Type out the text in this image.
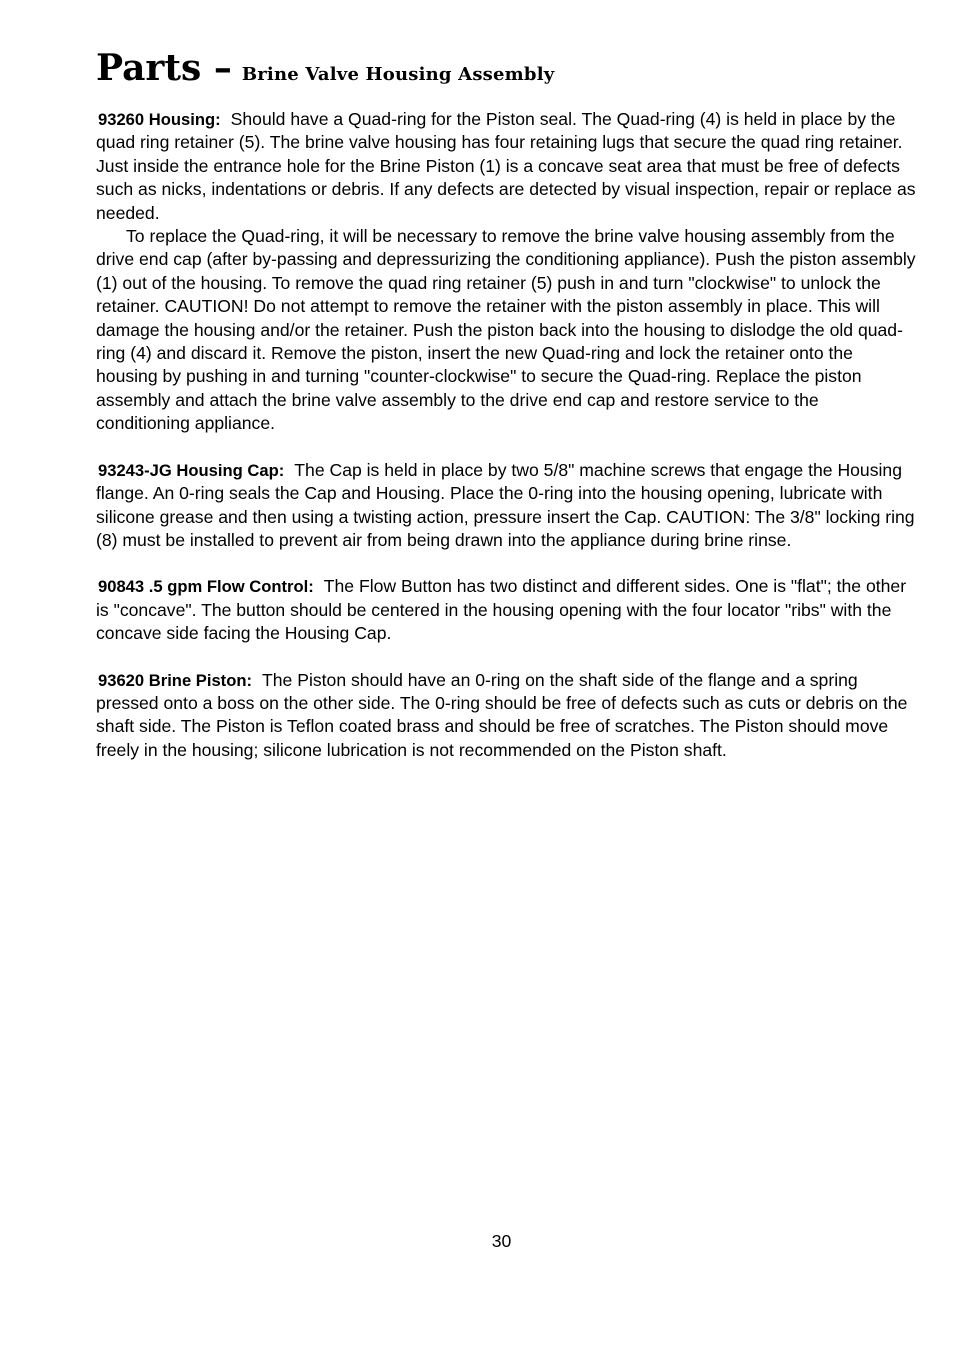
Parts – Brine Valve Housing Assembly

93260 Housing: Should have a Quad-ring for the Piston seal. The Quad-ring (4) is held in place by the quad ring retainer (5). The brine valve housing has four retaining lugs that secure the quad ring retainer. Just inside the entrance hole for the Brine Piston (1) is a concave seat area that must be free of defects such as nicks, indentations or debris. If any defects are detected by visual inspection, repair or replace as needed.

To replace the Quad-ring, it will be necessary to remove the brine valve housing assembly from the drive end cap (after by-passing and depressurizing the conditioning appliance). Push the piston assembly (1) out of the housing. To remove the quad ring retainer (5) push in and turn "clockwise" to unlock the retainer. CAUTION! Do not attempt to remove the retainer with the piston assembly in place. This will damage the housing and/or the retainer. Push the piston back into the housing to dislodge the old quad-ring (4) and discard it. Remove the piston, insert the new Quad-ring and lock the retainer onto the housing by pushing in and turning "counter-clockwise" to secure the Quad-ring. Replace the piston assembly and attach the brine valve assembly to the drive end cap and restore service to the conditioning appliance.

93243-JG Housing Cap: The Cap is held in place by two 5/8" machine screws that engage the Housing flange. An 0-ring seals the Cap and Housing. Place the 0-ring into the housing opening, lubricate with silicone grease and then using a twisting action, pressure insert the Cap. CAUTION: The 3/8" locking ring (8) must be installed to prevent air from being drawn into the appliance during brine rinse.

90843 .5 gpm Flow Control: The Flow Button has two distinct and different sides. One is "flat"; the other is "concave". The button should be centered in the housing opening with the four locator "ribs" with the concave side facing the Housing Cap.

93620 Brine Piston: The Piston should have an 0-ring on the shaft side of the flange and a spring pressed onto a boss on the other side. The 0-ring should be free of defects such as cuts or debris on the shaft side. The Piston is Teflon coated brass and should be free of scratches. The Piston should move freely in the housing; silicone lubrication is not recommended on the Piston shaft.

30
